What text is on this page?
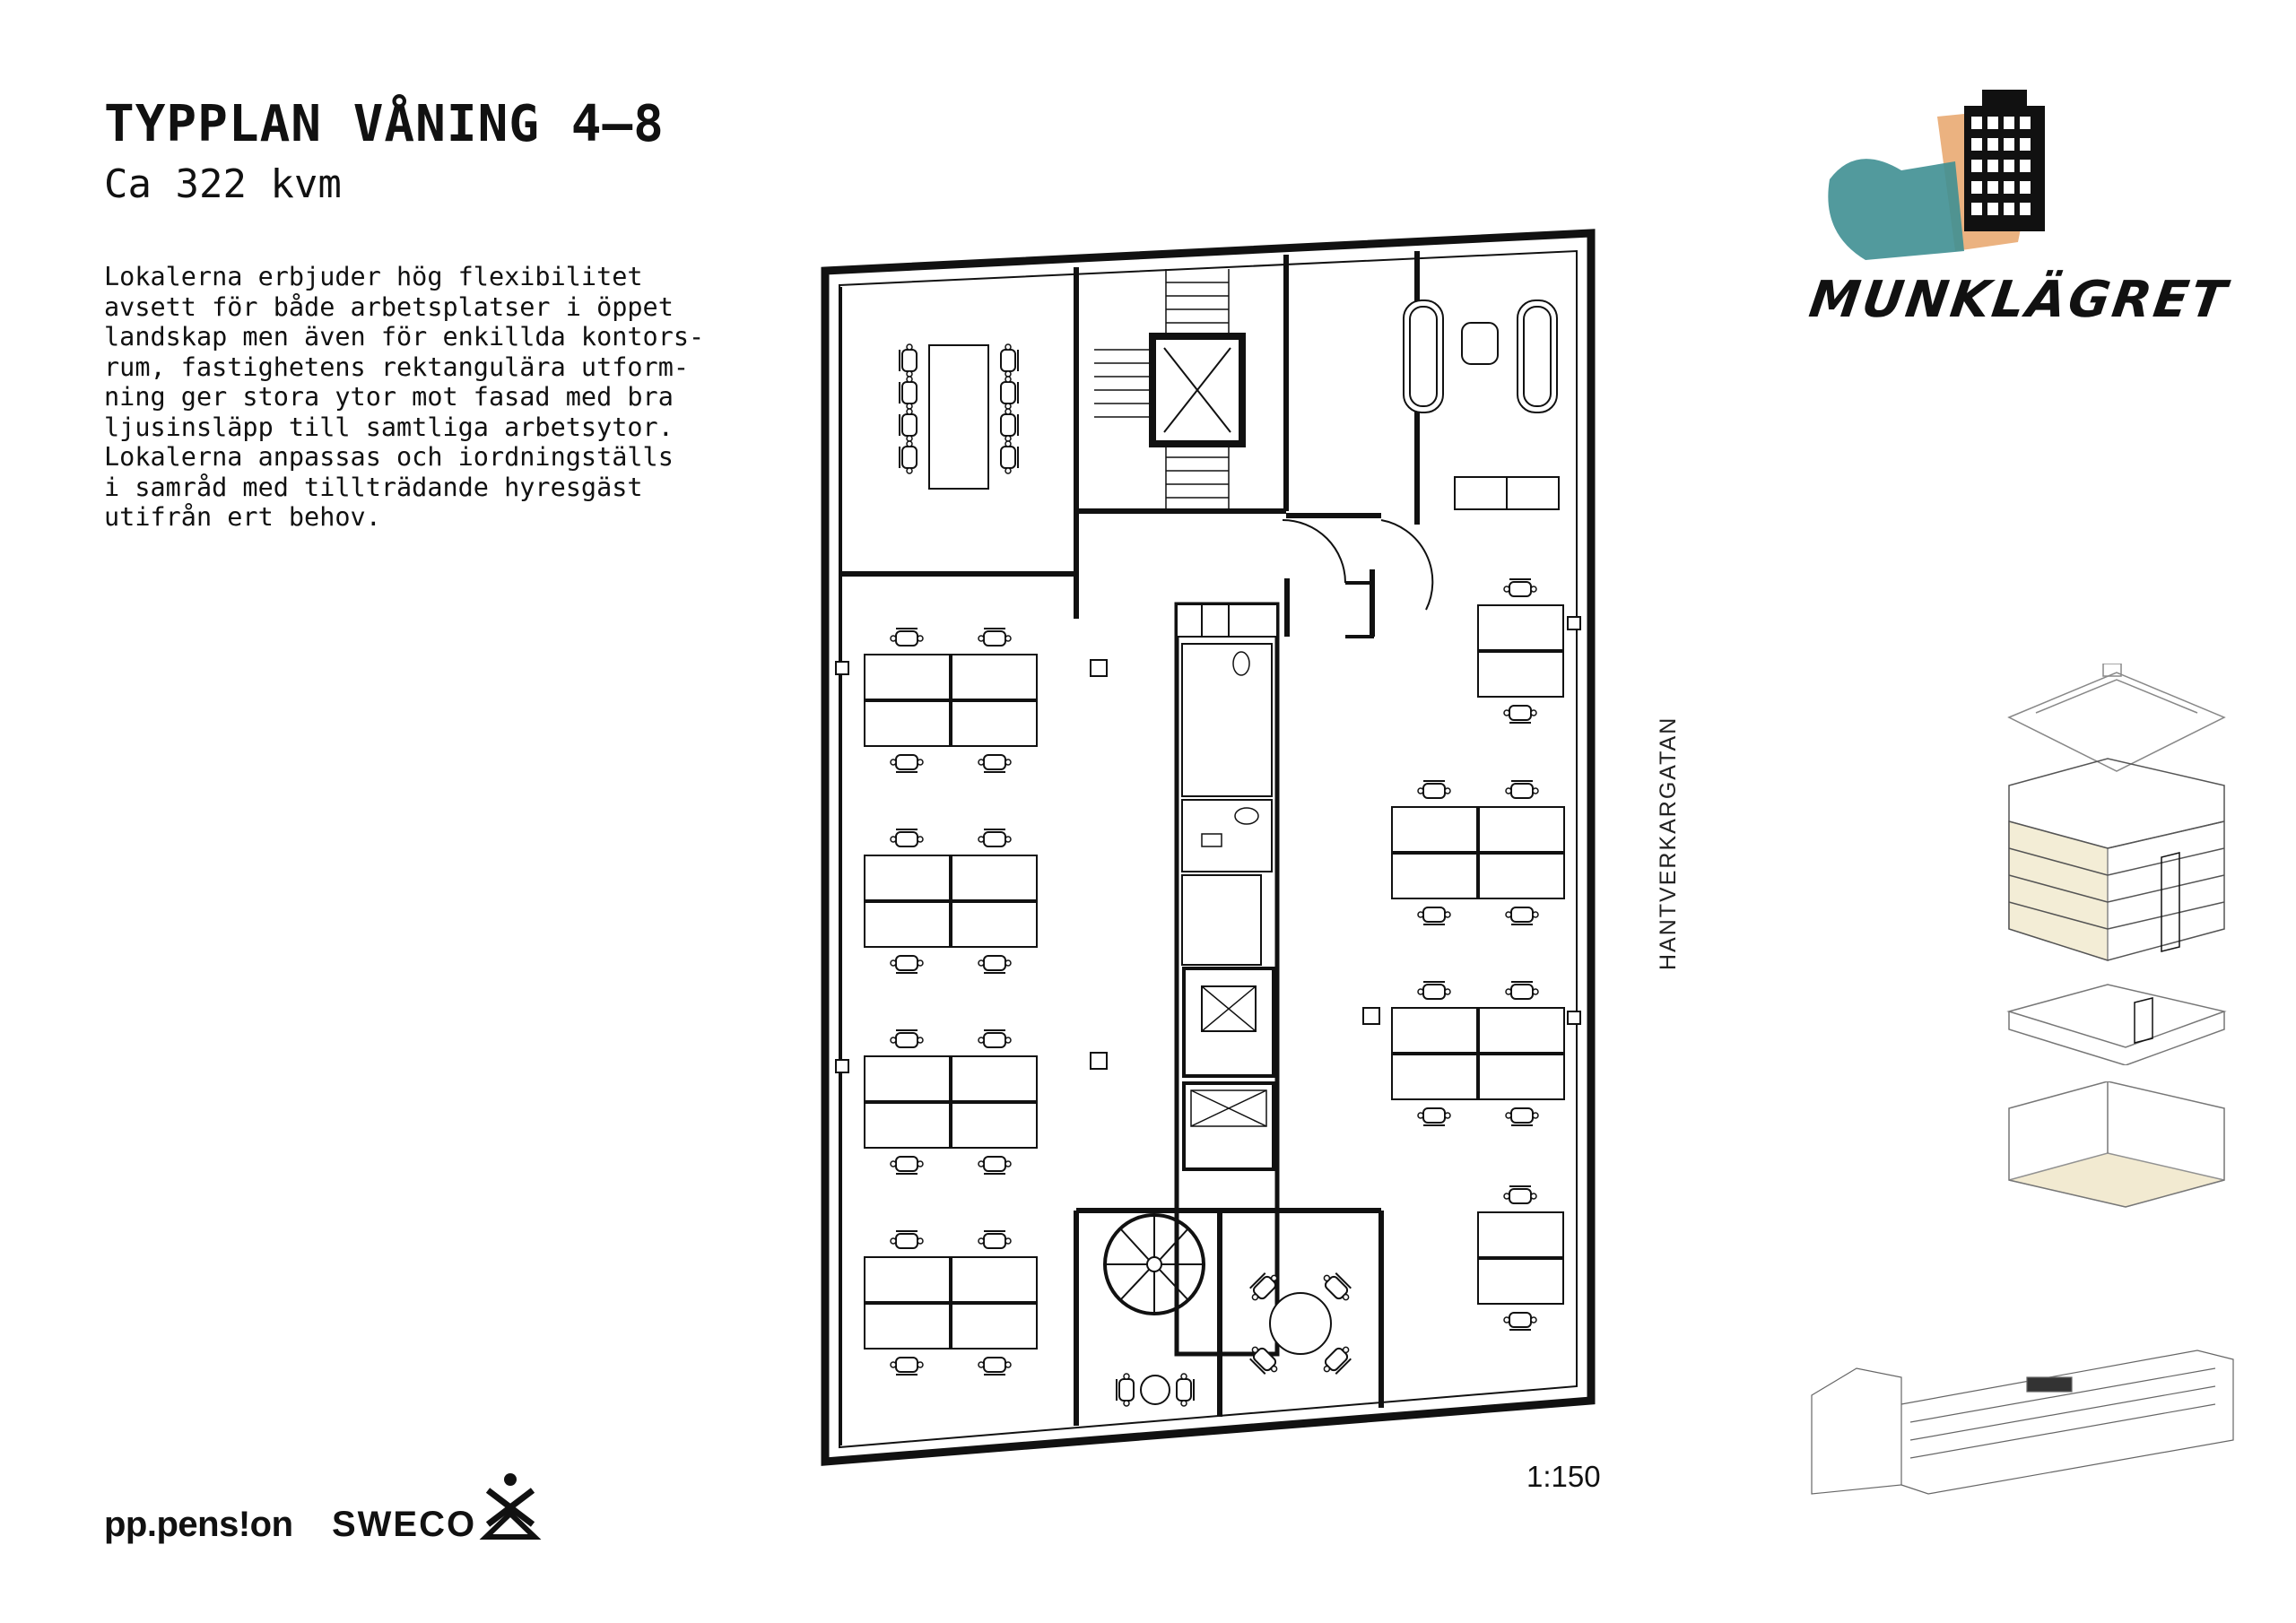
TYPPLAN VÅNING 4–8
Ca 322 kvm
Lokalerna erbjuder hög flexibilitet
avsett för både arbetsplatser i öppet
landskap men även för enkillda kontors-
rum, fastighetens rektangulära utform-
ning ger stora ytor mot fasad med bra
ljusinsläpp till samtliga arbetsytor.
Lokalerna anpassas och iordningställs
i samråd med tillträdande hyresgäst
utifrån ert behov.
HANTVERKARGATAN
1:150
MUNKLÄGRET
pp.pens!on SWECO
